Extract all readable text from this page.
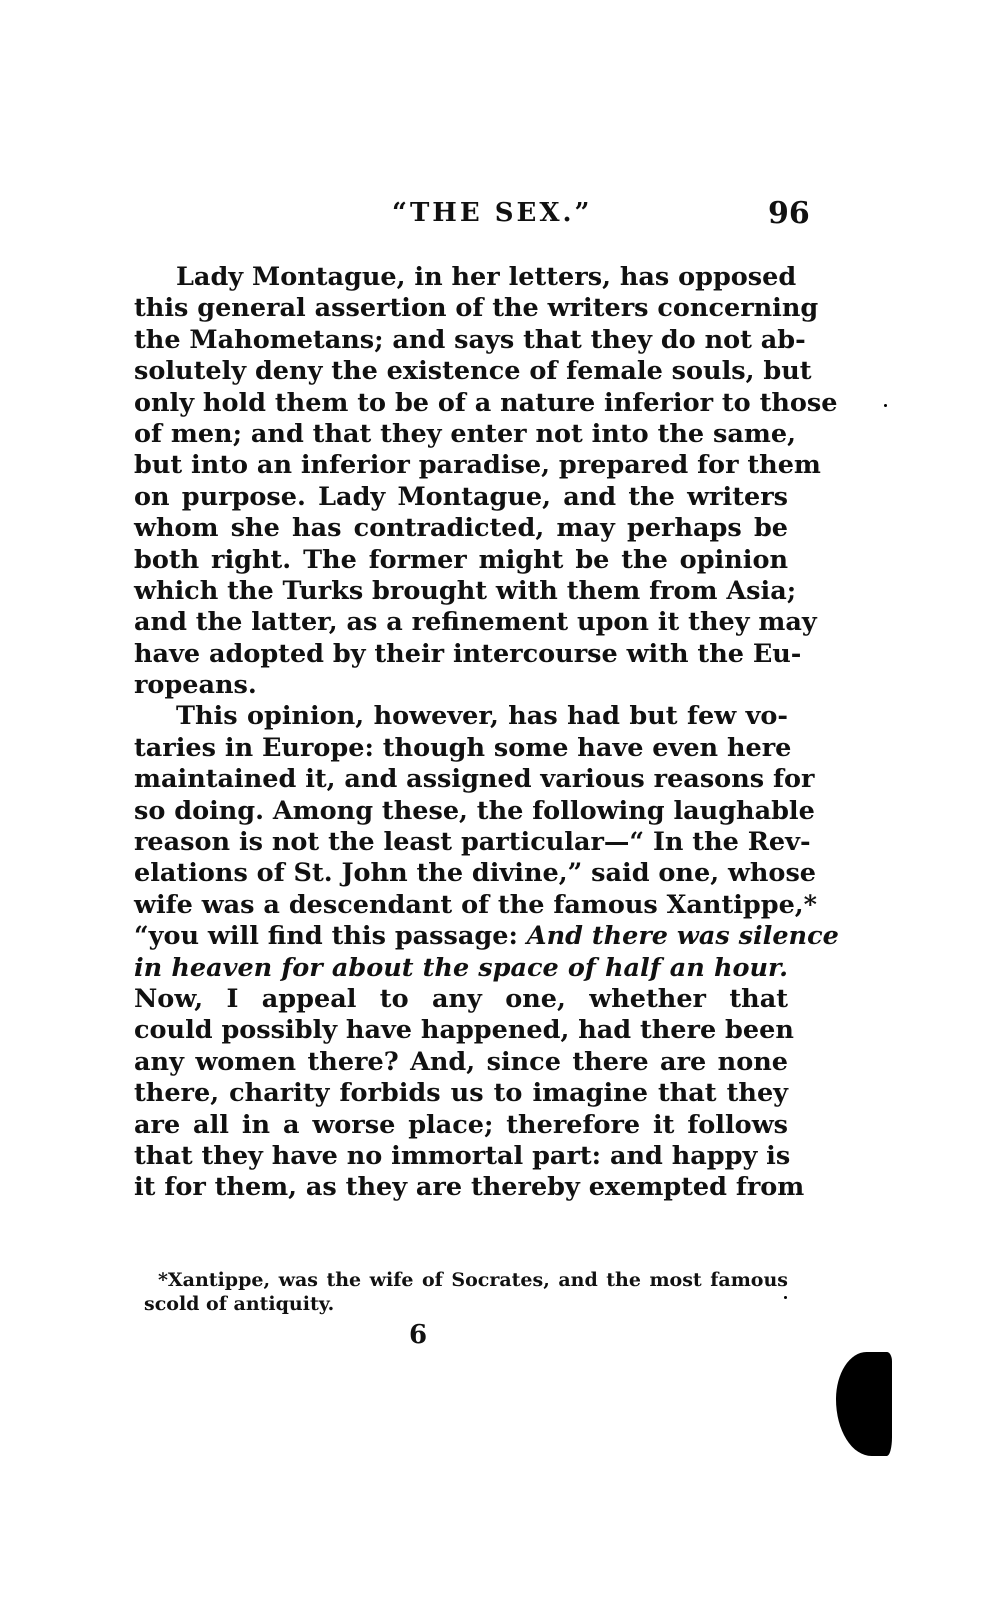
“THE SEX.”	96
Lady Montague, in her letters, has opposed
this general assertion of the writers concerning
the Mahometans; and says that they do not ab-
solutely deny the existence of female souls, but
only hold them to be of a nature inferior to those
of men; and that they enter not into the same,
but into an inferior paradise, prepared for them
on purpose. Lady Montague, and the writers
whom she has contradicted, may perhaps be
both right. The former might be the opinion
which the Turks brought with them from Asia;
and the latter, as a refinement upon it they may
have adopted by their intercourse with the Eu-
ropeans.
This opinion, however, has had but few vo-
taries in Europe: though some have even here
maintained it, and assigned various reasons for
so doing. Among these, the following laughable
reason is not the least particular—“ In the Rev-
elations of St. John the divine,” said one, whose
wife was a descendant of the famous Xantippe,*
“you will find this passage: And there was silence
in heaven for about the space of half an hour.
Now, I appeal to any one, whether that
could possibly have happened, had there been
any women there? And, since there are none
there, charity forbids us to imagine that they
are all in a worse place; therefore it follows
that they have no immortal part: and happy is
it for them, as they are thereby exempted from
*Xantippe, was the wife of Socrates, and the most famous
scold of antiquity.
6
